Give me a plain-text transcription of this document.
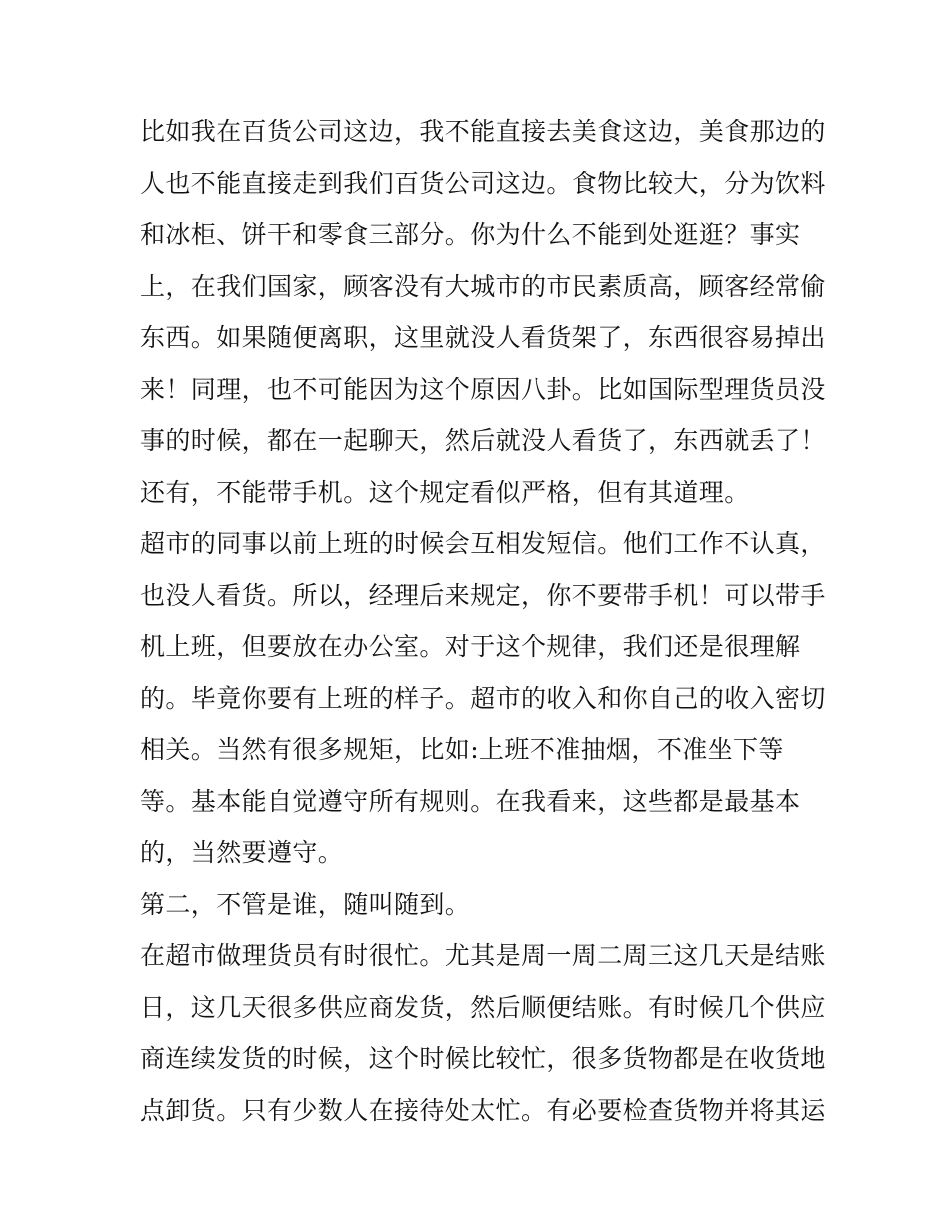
比如我在百货公司这边，我不能直接去美食这边，美食那边的
人也不能直接走到我们百货公司这边。食物比较大，分为饮料
和冰柜、饼干和零食三部分。你为什么不能到处逛逛？事实
上，在我们国家，顾客没有大城市的市民素质高，顾客经常偷
东西。如果随便离职，这里就没人看货架了，东西很容易掉出
来！同理，也不可能因为这个原因八卦。比如国际型理货员没
事的时候，都在一起聊天，然后就没人看货了，东西就丢了！
还有，不能带手机。这个规定看似严格，但有其道理。
超市的同事以前上班的时候会互相发短信。他们工作不认真，
也没人看货。所以，经理后来规定，你不要带手机！可以带手
机上班，但要放在办公室。对于这个规律，我们还是很理解
的。毕竟你要有上班的样子。超市的收入和你自己的收入密切
相关。当然有很多规矩，比如:上班不准抽烟，不准坐下等
等。基本能自觉遵守所有规则。在我看来，这些都是最基本
的，当然要遵守。
第二，不管是谁，随叫随到。
在超市做理货员有时很忙。尤其是周一周二周三这几天是结账
日，这几天很多供应商发货，然后顺便结账。有时候几个供应
商连续发货的时候，这个时候比较忙，很多货物都是在收货地
点卸货。只有少数人在接待处太忙。有必要检查货物并将其运
